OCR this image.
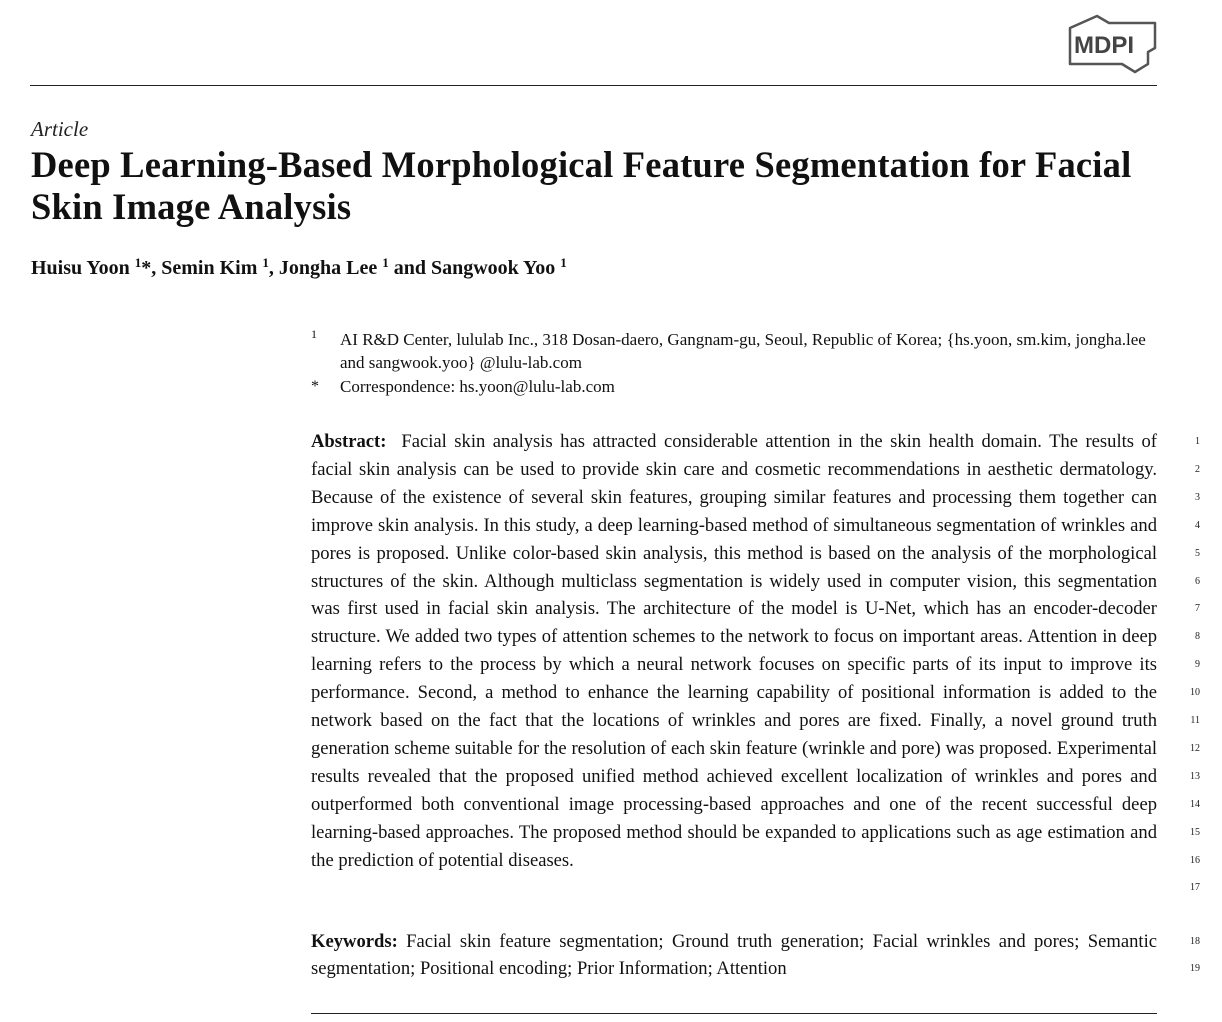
MDPI
Article
Deep Learning-Based Morphological Feature Segmentation for Facial Skin Image Analysis
Huisu Yoon $^1$*, Semin Kim $^1$, Jongha Lee $^1$ and Sangwook Yoo $^1$
1 AI R&D Center, lululab Inc., 318 Dosan-daero, Gangnam-gu, Seoul, Republic of Korea; {hs.yoon, sm.kim, jongha.lee and sangwook.yoo} @lulu-lab.com
* Correspondence: hs.yoon@lulu-lab.com
Abstract: Facial skin analysis has attracted considerable attention in the skin health domain. The results of facial skin analysis can be used to provide skin care and cosmetic recommendations in aesthetic dermatology. Because of the existence of several skin features, grouping similar features and processing them together can improve skin analysis. In this study, a deep learning-based method of simultaneous segmentation of wrinkles and pores is proposed. Unlike color-based skin analysis, this method is based on the analysis of the morphological structures of the skin. Although multiclass segmentation is widely used in computer vision, this segmentation was first used in facial skin analysis. The architecture of the model is U-Net, which has an encoder-decoder structure. We added two types of attention schemes to the network to focus on important areas. Attention in deep learning refers to the process by which a neural network focuses on specific parts of its input to improve its performance. Second, a method to enhance the learning capability of positional information is added to the network based on the fact that the locations of wrinkles and pores are fixed. Finally, a novel ground truth generation scheme suitable for the resolution of each skin feature (wrinkle and pore) was proposed. Experimental results revealed that the proposed unified method achieved excellent localization of wrinkles and pores and outperformed both conventional image processing-based approaches and one of the recent successful deep learning-based approaches. The proposed method should be expanded to applications such as age estimation and the prediction of potential diseases.
Keywords: Facial skin feature segmentation; Ground truth generation; Facial wrinkles and pores; Semantic segmentation; Positional encoding; Prior Information; Attention
1
2
3
4
5
6
7
8
9
10
11
12
13
14
15
16
17
18
19
